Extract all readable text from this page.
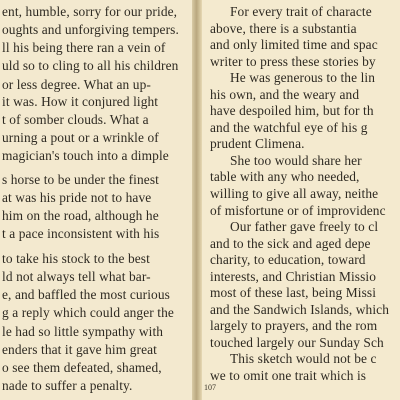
ent, humble, sorry for our pride,
oughts and unforgiving tempers.
ll his being there ran a vein of
uld so to cling to all his children
or less degree. What an up-
it was. How it conjured light
t of somber clouds. What a
urning a pout or a wrinkle of
magician's touch into a dimple
s horse to be under the finest
at was his pride not to have
him on the road, although he
t a pace inconsistent with his
to take his stock to the best
ld not always tell what bar-
e, and baffled the most curious
g a reply which could anger the
le had so little sympathy with
enders that it gave him great
o see them defeated, shamed,
nade to suffer a penalty.
For every trait of characte
above, there is a substantia
and only limited time and spac
writer to press these stories by
He was generous to the lin
his own, and the weary and
have despoiled him, but for th
and the watchful eye of his g
prudent Climena.
She too would share her
table with any who needed,
willing to give all away, neithe
of misfortune or of improvidenc
Our father gave freely to cl
and to the sick and aged depe
charity, to education, toward
interests, and Christian Missio
most of these last, being Missi
and the Sandwich Islands, which
largely to prayers, and the rom
touched largely our Sunday Sch
This sketch would not be c
we to omit one trait which is
107
